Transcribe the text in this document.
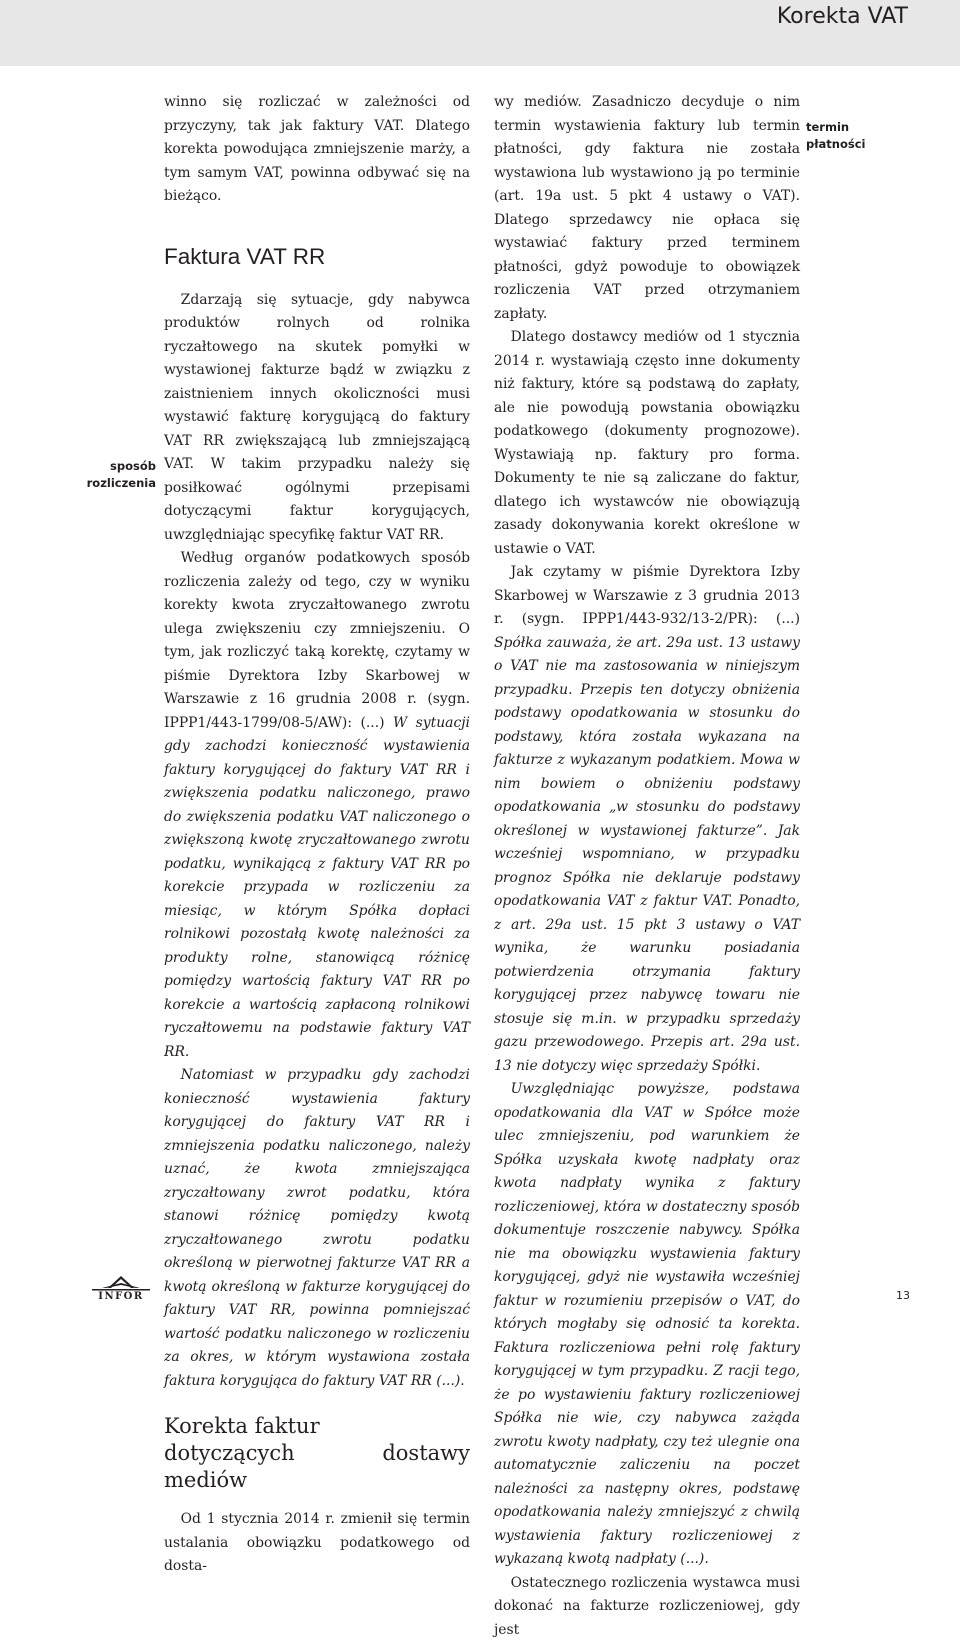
Korekta VAT
sposób rozliczenia
termin płatności

winno się rozliczać w zależności od przyczyny, tak jak faktury VAT. Dlatego korekta powodująca zmniejszenie marży, a tym samym VAT, powinna odbywać się na bieżąco.

Faktura VAT RR

Zdarzają się sytuacje, gdy nabywca produktów rolnych od rolnika ryczałtowego na skutek pomyłki w wystawionej fakturze bądź w związku z zaistnieniem innych okoliczności musi wystawić fakturę korygującą do faktury VAT RR zwiększającą lub zmniejszającą VAT. W takim przypadku należy się posiłkować ogólnymi przepisami dotyczącymi faktur korygujących, uwzględniając specyfikę faktur VAT RR.

Według organów podatkowych sposób rozliczenia zależy od tego, czy w wyniku korekty kwota zryczałtowanego zwrotu ulega zwiększeniu czy zmniejszeniu. O tym, jak rozliczyć taką korektę, czytamy w piśmie Dyrektora Izby Skarbowej w Warszawie z 16 grudnia 2008 r. (sygn. IPPP1/443-1799/08-5/AW): (...) W sytuacji gdy zachodzi konieczność wystawienia faktury korygującej do faktury VAT RR i zwiększenia podatku naliczonego, prawo do zwiększenia podatku VAT naliczonego o zwiększoną kwotę zryczałtowanego zwrotu podatku, wynikającą z faktury VAT RR po korekcie przypada w rozliczeniu za miesiąc, w którym Spółka dopłaci rolnikowi pozostałą kwotę należności za produkty rolne, stanowiącą różnicę pomiędzy wartością faktury VAT RR po korekcie a wartością zapłaconą rolnikowi ryczałtowemu na podstawie faktury VAT RR.

Natomiast w przypadku gdy zachodzi konieczność wystawienia faktury korygującej do faktury VAT RR i zmniejszenia podatku naliczonego, należy uznać, że kwota zmniejszająca zryczałtowany zwrot podatku, która stanowi różnicę pomiędzy kwotą zryczałtowanego zwrotu podatku określoną w pierwotnej fakturze VAT RR a kwotą określoną w fakturze korygującej do faktury VAT RR, powinna pomniejszać wartość podatku naliczonego w rozliczeniu za okres, w którym wystawiona została faktura korygująca do faktury VAT RR (...).

Korekta faktur
dotyczących dostawy mediów

Od 1 stycznia 2014 r. zmienił się termin ustalania obowiązku podatkowego od dosta-

wy mediów. Zasadniczo decyduje o nim termin wystawienia faktury lub termin płatności, gdy faktura nie została wystawiona lub wystawiono ją po terminie (art. 19a ust. 5 pkt 4 ustawy o VAT). Dlatego sprzedawcy nie opłaca się wystawiać faktury przed terminem płatności, gdyż powoduje to obowiązek rozliczenia VAT przed otrzymaniem zapłaty.

Dlatego dostawcy mediów od 1 stycznia 2014 r. wystawiają często inne dokumenty niż faktury, które są podstawą do zapłaty, ale nie powodują powstania obowiązku podatkowego (dokumenty prognozowe). Wystawiają np. faktury pro forma. Dokumenty te nie są zaliczane do faktur, dlatego ich wystawców nie obowiązują zasady dokonywania korekt określone w ustawie o VAT.

Jak czytamy w piśmie Dyrektora Izby Skarbowej w Warszawie z 3 grudnia 2013 r. (sygn. IPPP1/443-932/13-2/PR): (...) Spółka zauważa, że art. 29a ust. 13 ustawy o VAT nie ma zastosowania w niniejszym przypadku. Przepis ten dotyczy obniżenia podstawy opodatkowania w stosunku do podstawy, która została wykazana na fakturze z wykazanym podatkiem. Mowa w nim bowiem o obniżeniu podstawy opodatkowania „w stosunku do podstawy określonej w wystawionej fakturze”. Jak wcześniej wspomniano, w przypadku prognoz Spółka nie deklaruje podstawy opodatkowania VAT z faktur VAT. Ponadto, z art. 29a ust. 15 pkt 3 ustawy o VAT wynika, że warunku posiadania potwierdzenia otrzymania faktury korygującej przez nabywcę towaru nie stosuje się m.in. w przypadku sprzedaży gazu przewodowego. Przepis art. 29a ust. 13 nie dotyczy więc sprzedaży Spółki.

Uwzględniając powyższe, podstawa opodatkowania dla VAT w Spółce może ulec zmniejszeniu, pod warunkiem że Spółka uzyskała kwotę nadpłaty oraz kwota nadpłaty wynika z faktury rozliczeniowej, która w dostateczny sposób dokumentuje roszczenie nabywcy. Spółka nie ma obowiązku wystawienia faktury korygującej, gdyż nie wystawiła wcześniej faktur w rozumieniu przepisów o VAT, do których mogłaby się odnosić ta korekta. Faktura rozliczeniowa pełni rolę faktury korygującej w tym przypadku. Z racji tego, że po wystawieniu faktury rozliczeniowej Spółka nie wie, czy nabywca zażąda zwrotu kwoty nadpłaty, czy też ulegnie ona automatycznie zaliczeniu na poczet należności za następny okres, podstawę opodatkowania należy zmniejszyć z chwilą wystawienia faktury rozliczeniowej z wykazaną kwotą nadpłaty (...).

Ostatecznego rozliczenia wystawca musi dokonać na fakturze rozliczeniowej, gdy jest

INFOR	13
